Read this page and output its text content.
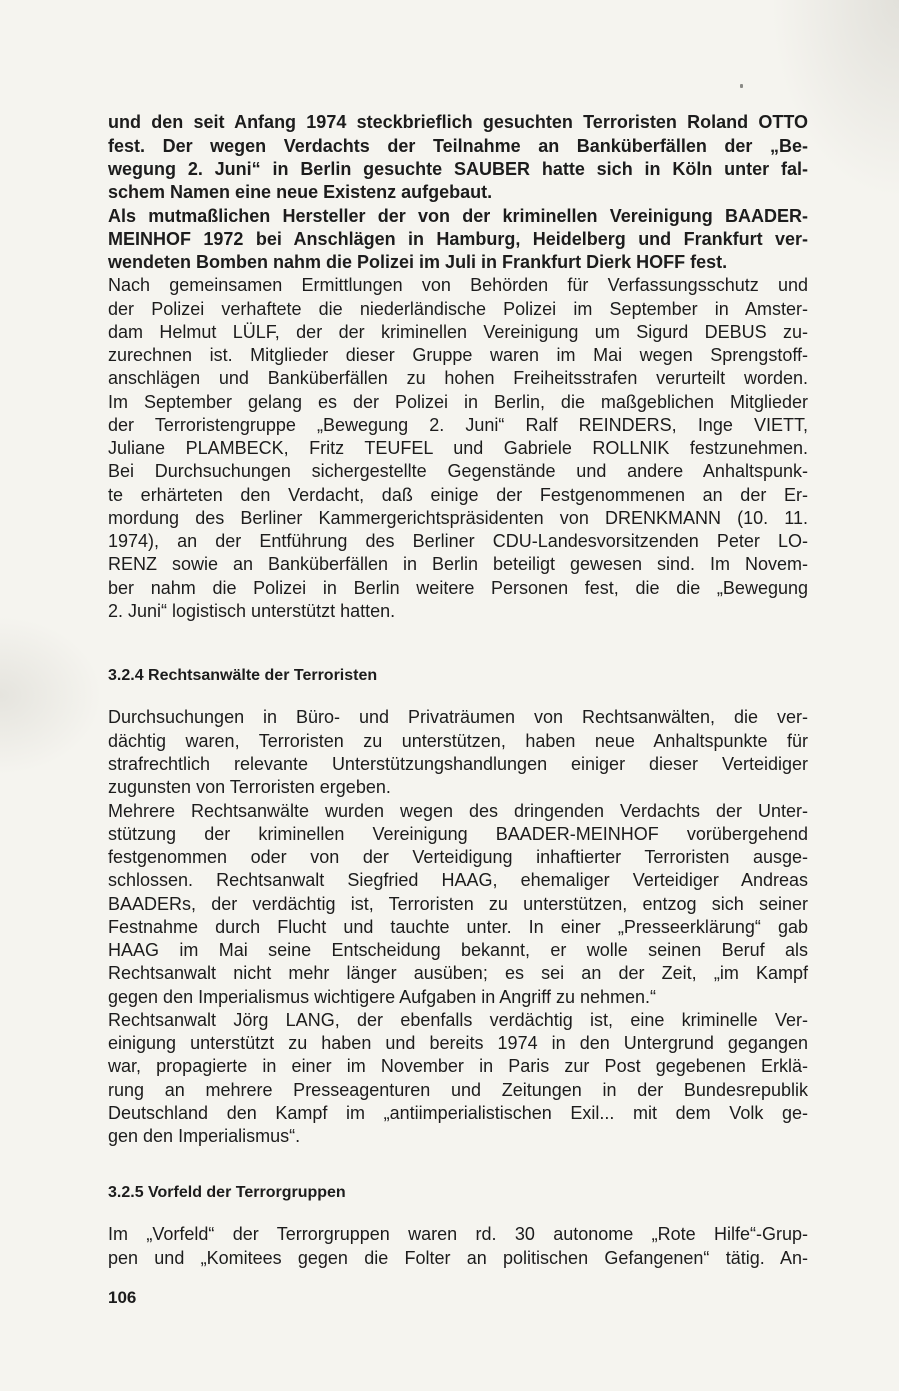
und den seit Anfang 1974 steckbrieflich gesuchten Terroristen Roland OTTO
fest. Der wegen Verdachts der Teilnahme an Banküberfällen der „Be-
wegung 2. Juni“ in Berlin gesuchte SAUBER hatte sich in Köln unter fal-
schem Namen eine neue Existenz aufgebaut.
Als mutmaßlichen Hersteller der von der kriminellen Vereinigung BAADER-
MEINHOF 1972 bei Anschlägen in Hamburg, Heidelberg und Frankfurt ver-
wendeten Bomben nahm die Polizei im Juli in Frankfurt Dierk HOFF fest.
Nach gemeinsamen Ermittlungen von Behörden für Verfassungsschutz und
der Polizei verhaftete die niederländische Polizei im September in Amster-
dam Helmut LÜLF, der der kriminellen Vereinigung um Sigurd DEBUS zu-
zurechnen ist. Mitglieder dieser Gruppe waren im Mai wegen Sprengstoff-
anschlägen und Banküberfällen zu hohen Freiheitsstrafen verurteilt worden.
Im September gelang es der Polizei in Berlin, die maßgeblichen Mitglieder
der Terroristengruppe „Bewegung 2. Juni“ Ralf REINDERS, Inge VIETT,
Juliane PLAMBECK, Fritz TEUFEL und Gabriele ROLLNIK festzunehmen.
Bei Durchsuchungen sichergestellte Gegenstände und andere Anhaltspunk-
te erhärteten den Verdacht, daß einige der Festgenommenen an der Er-
mordung des Berliner Kammergerichtspräsidenten von DRENKMANN (10. 11.
1974), an der Entführung des Berliner CDU-Landesvorsitzenden Peter LO-
RENZ sowie an Banküberfällen in Berlin beteiligt gewesen sind. Im Novem-
ber nahm die Polizei in Berlin weitere Personen fest, die die „Bewegung
2. Juni“ logistisch unterstützt hatten.
3.2.4 Rechtsanwälte der Terroristen
Durchsuchungen in Büro- und Privaträumen von Rechtsanwälten, die ver-
dächtig waren, Terroristen zu unterstützen, haben neue Anhaltspunkte für
strafrechtlich relevante Unterstützungshandlungen einiger dieser Verteidiger
zugunsten von Terroristen ergeben.
Mehrere Rechtsanwälte wurden wegen des dringenden Verdachts der Unter-
stützung der kriminellen Vereinigung BAADER-MEINHOF vorübergehend
festgenommen oder von der Verteidigung inhaftierter Terroristen ausge-
schlossen. Rechtsanwalt Siegfried HAAG, ehemaliger Verteidiger Andreas
BAADERs, der verdächtig ist, Terroristen zu unterstützen, entzog sich seiner
Festnahme durch Flucht und tauchte unter. In einer „Presseerklärung“ gab
HAAG im Mai seine Entscheidung bekannt, er wolle seinen Beruf als
Rechtsanwalt nicht mehr länger ausüben; es sei an der Zeit, „im Kampf
gegen den Imperialismus wichtigere Aufgaben in Angriff zu nehmen.“
Rechtsanwalt Jörg LANG, der ebenfalls verdächtig ist, eine kriminelle Ver-
einigung unterstützt zu haben und bereits 1974 in den Untergrund gegangen
war, propagierte in einer im November in Paris zur Post gegebenen Erklä-
rung an mehrere Presseagenturen und Zeitungen in der Bundesrepublik
Deutschland den Kampf im „antiimperialistischen Exil... mit dem Volk ge-
gen den Imperialismus“.
3.2.5 Vorfeld der Terrorgruppen
Im „Vorfeld“ der Terrorgruppen waren rd. 30 autonome „Rote Hilfe“-Grup-
pen und „Komitees gegen die Folter an politischen Gefangenen“ tätig. An-
106
